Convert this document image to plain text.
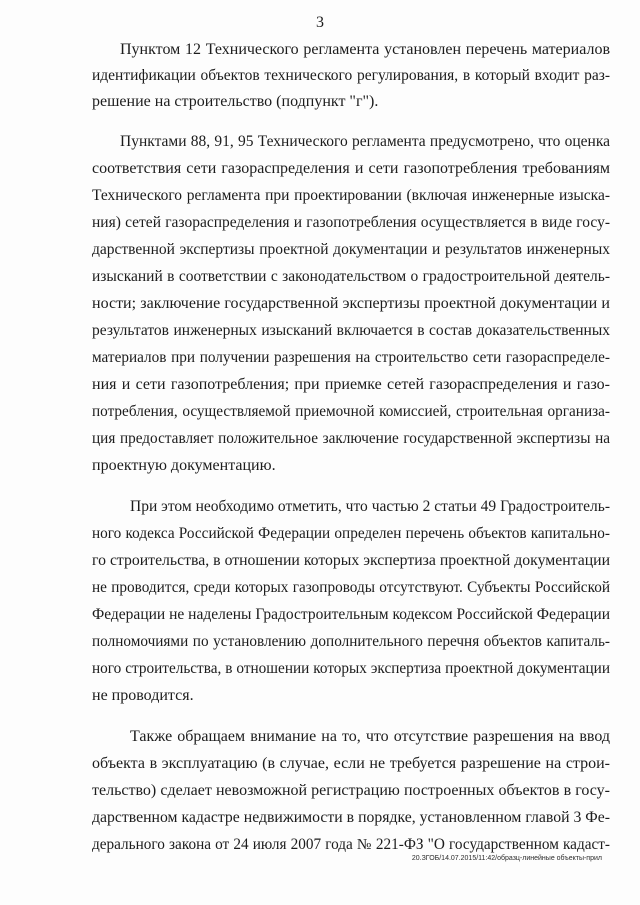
3
Пунктом 12 Технического регламента установлен перечень материалов
идентификации объектов технического регулирования, в который входит раз-
решение на строительство (подпункт "г").
Пунктами 88, 91, 95 Технического регламента предусмотрено, что оценка
соответствия сети газораспределения и сети газопотребления требованиям
Технического регламента при проектировании (включая инженерные изыска-
ния) сетей газораспределения и газопотребления осуществляется в виде госу-
дарственной экспертизы проектной документации и результатов инженерных
изысканий в соответствии с законодательством о градостроительной деятель-
ности; заключение государственной экспертизы проектной документации и
результатов инженерных изысканий включается в состав доказательственных
материалов при получении разрешения на строительство сети газораспределе-
ния и сети газопотребления; при приемке сетей газораспределения и газо-
потребления, осуществляемой приемочной комиссией, строительная организа-
ция предоставляет положительное заключение государственной экспертизы на
проектную документацию.
При этом необходимо отметить, что частью 2 статьи 49 Градостроитель-
ного кодекса Российской Федерации определен перечень объектов капитально-
го строительства, в отношении которых экспертиза проектной документации
не проводится, среди которых газопроводы отсутствуют. Субъекты Российской
Федерации не наделены Градостроительным кодексом Российской Федерации
полномочиями по установлению дополнительного перечня объектов капиталь-
ного строительства, в отношении которых экспертиза проектной документации
не проводится.
Также обращаем внимание на то, что отсутствие разрешения на ввод
объекта в эксплуатацию (в случае, если не требуется разрешение на строи-
тельство) сделает невозможной регистрацию построенных объектов в госу-
дарственном кадастре недвижимости в порядке, установленном главой 3 Фе-
дерального закона от 24 июля 2007 года № 221-ФЗ "О государственном кадаст-
20.ЗГОБ/14.07.2015/11:42/образц-линейные объекты-прил
